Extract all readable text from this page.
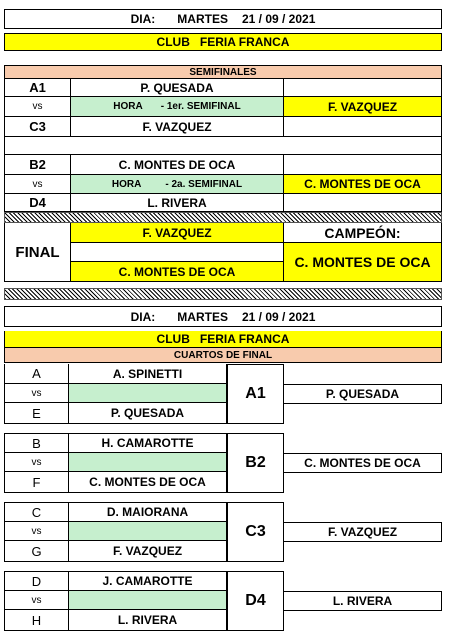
DIA: MARTES 21 / 09 / 2021
CLUB   FERIA FRANCA
SEMIFINALES
A1	P. QUESADA
vs	HORA - 1er. SEMIFINAL	F. VAZQUEZ
C3	F. VAZQUEZ
B2	C. MONTES DE OCA
vs	HORA - 2a. SEMIFINAL	C. MONTES DE OCA
D4	L. RIVERA
FINAL
F. VAZQUEZ
C. MONTES DE OCA
CAMPEÓN:
C. MONTES DE OCA
DIA: MARTES 21 / 09 / 2021
CLUB   FERIA FRANCA
CUARTOS DE FINAL
A	A. SPINETTI
vs
E	P. QUESADA
A1	P. QUESADA
B	H. CAMAROTTE
vs
F	C. MONTES DE OCA
B2	C. MONTES DE OCA
C	D. MAIORANA
vs
G	F. VAZQUEZ
C3	F. VAZQUEZ
D	J. CAMAROTTE
vs
H	L. RIVERA
D4	L. RIVERA
